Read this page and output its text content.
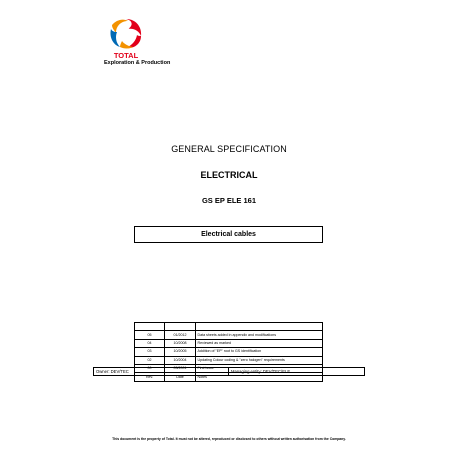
TOTAL
Exploration & Production
GENERAL SPECIFICATION
ELECTRICAL
GS EP ELE 161
Electrical cables

05	01/2012	Data sheets added in appendix and modifications
04	10/2008	Reviewed as marked
03	10/2005	Addition of "EP" root to GS identification
02	10/2004	Updating Colour coding & "zero halogen" requirements
00	03/2001	First issue
Rev.	Date	Notes
Owner: DEV/TEC	Managing entity: DEV/TEC/ELE
This document is the property of Total. It must not be altered, reproduced or disclosed to others without written authorisation from the Company.
